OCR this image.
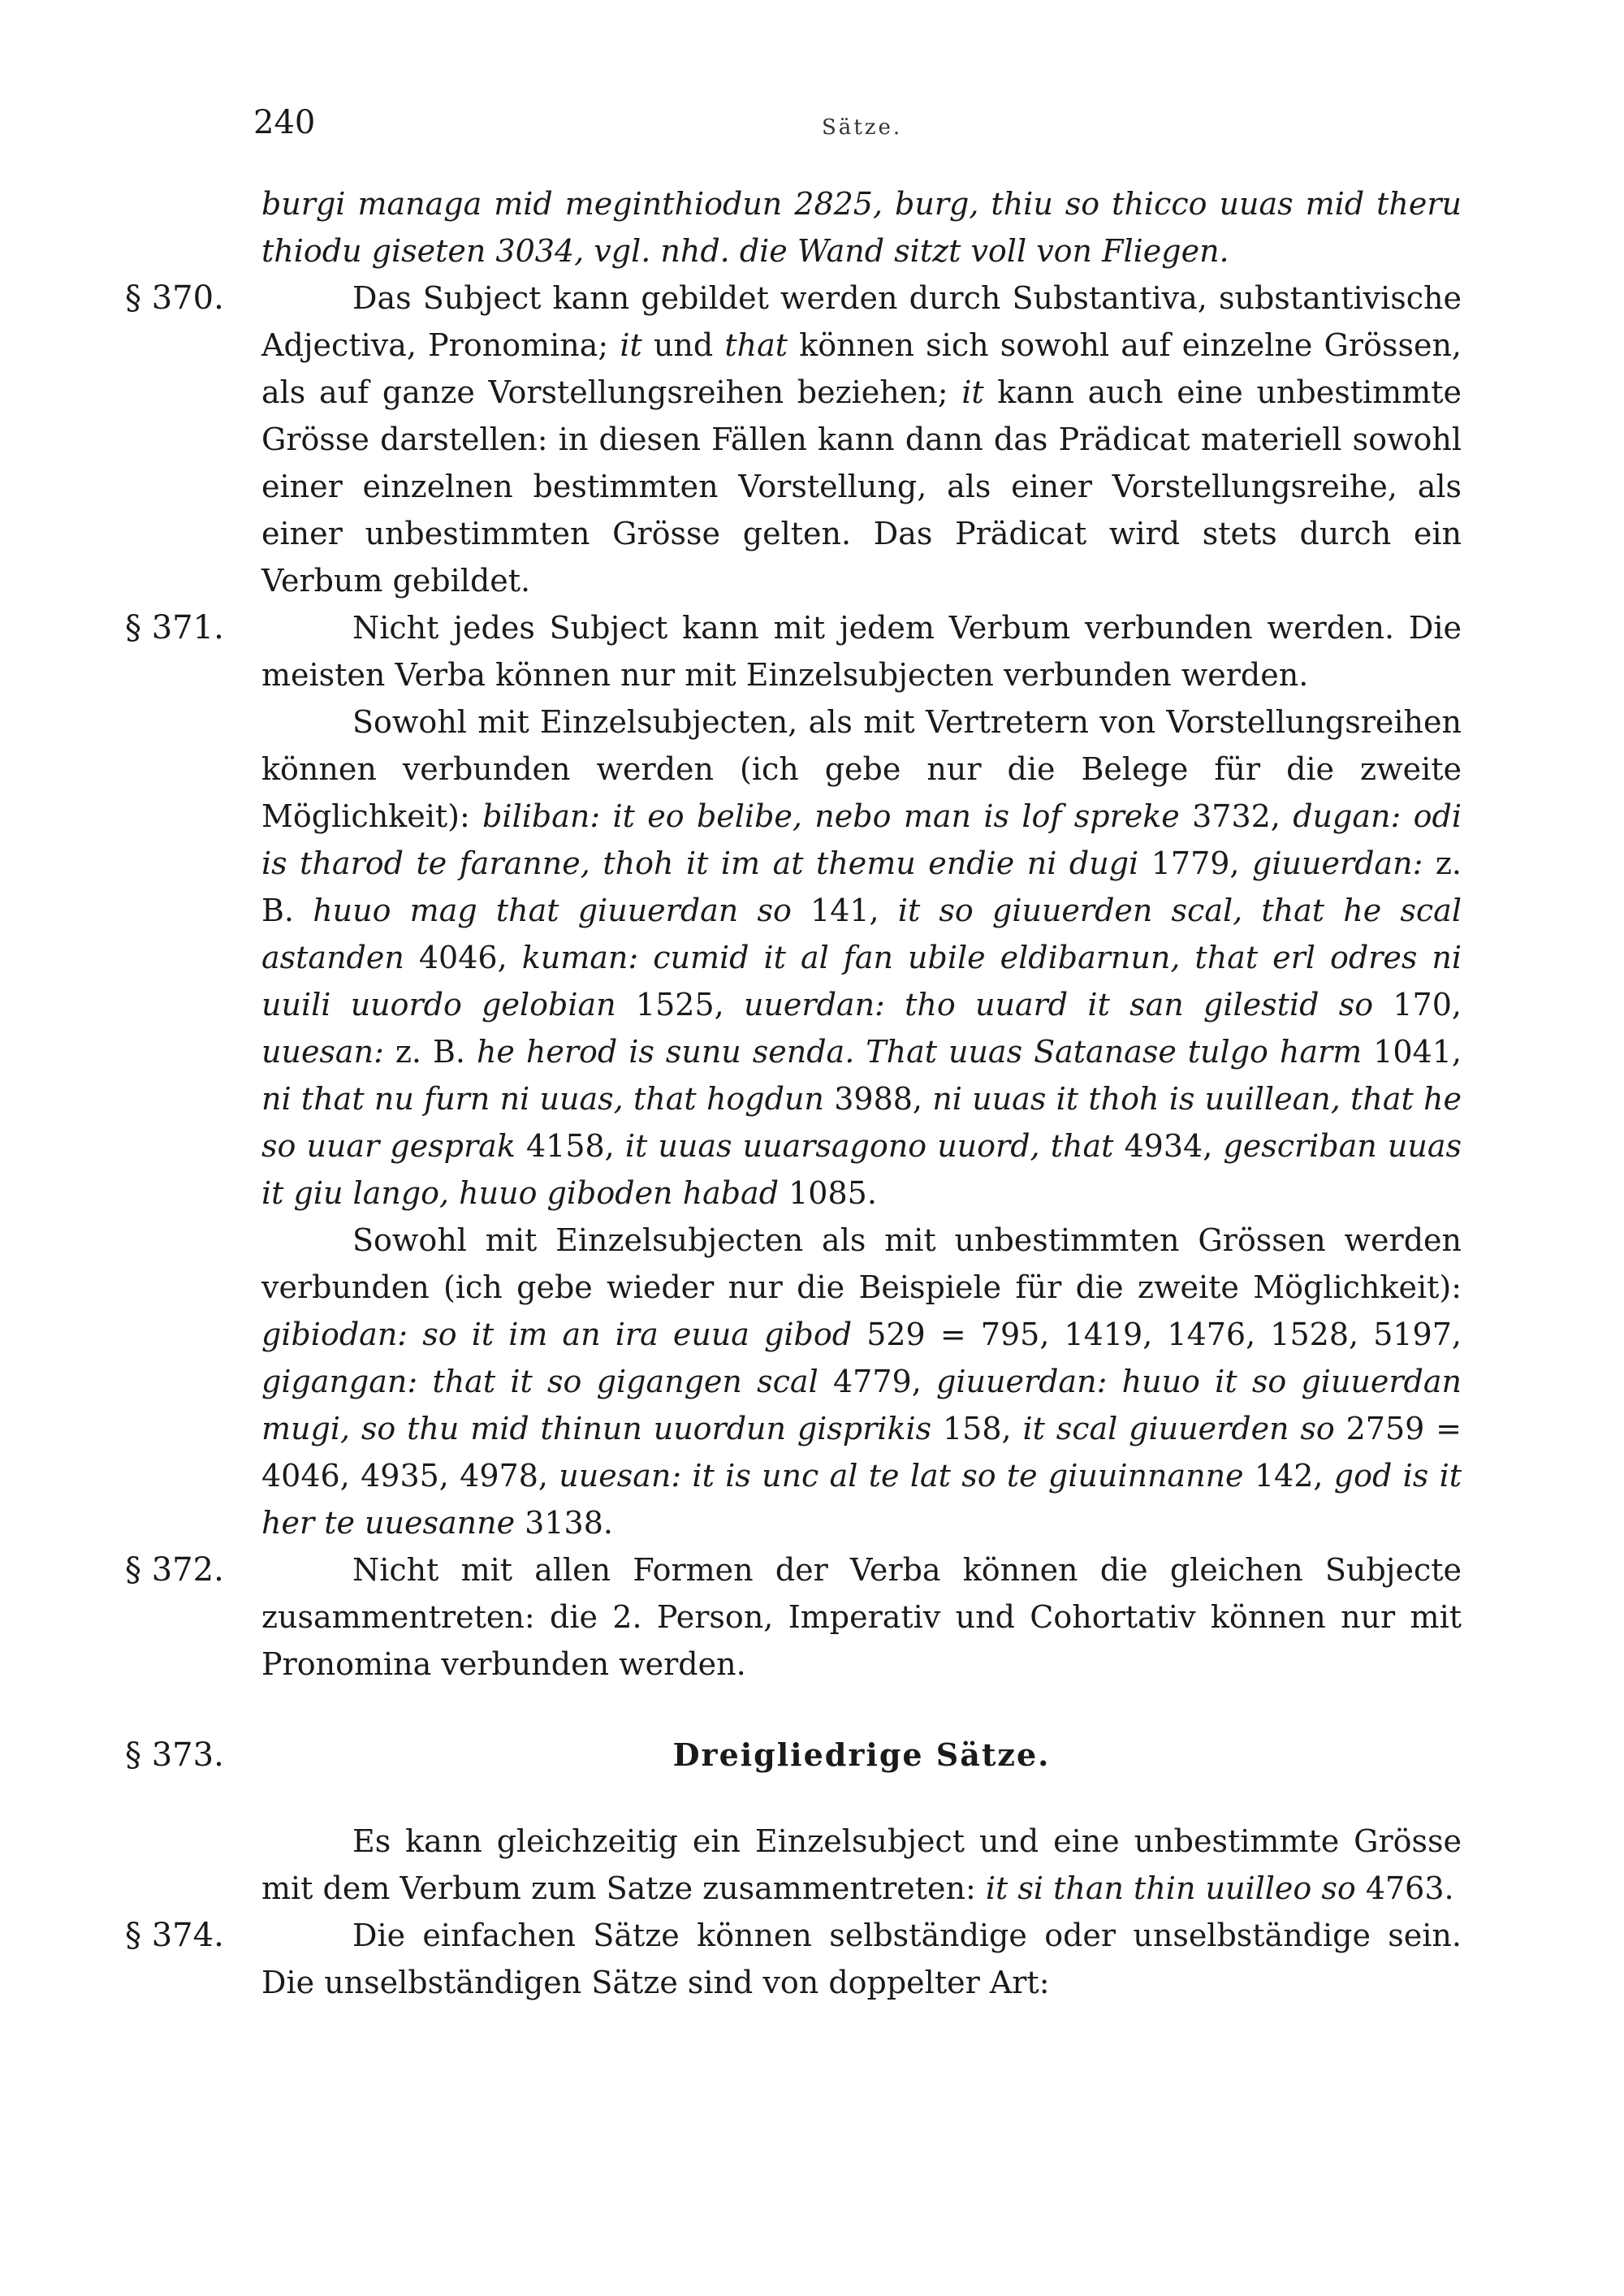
240	Sätze.

burgi managa mid meginthiodun 2825, burg, thiu so thicco uuas mid theru thiodu giseten 3034, vgl. nhd. die Wand sitzt voll von Fliegen.

§ 370.	Das Subject kann gebildet werden durch Substantiva, substantivische Adjectiva, Pronomina; it und that können sich sowohl auf einzelne Grössen, als auf ganze Vorstellungsreihen beziehen; it kann auch eine unbestimmte Grösse darstellen: in diesen Fällen kann dann das Prädicat materiell sowohl einer einzelnen bestimmten Vorstellung, als einer Vorstellungsreihe, als einer unbestimmten Grösse gelten. Das Prädicat wird stets durch ein Verbum gebildet.

§ 371.	Nicht jedes Subject kann mit jedem Verbum verbunden werden. Die meisten Verba können nur mit Einzelsubjecten verbunden werden.

Sowohl mit Einzelsubjecten, als mit Vertretern von Vorstellungsreihen können verbunden werden (ich gebe nur die Belege für die zweite Möglichkeit): biliban: it eo belibe, nebo man is lof spreke 3732, dugan: odi is tharod te faranne, thoh it im at themu endie ni dugi 1779, giuuerdan: z. B. huuo mag that giuuerdan so 141, it so giuuerden scal, that he scal astanden 4046, kuman: cumid it al fan ubile eldibarnun, that erl odres ni uuili uuordo gelobian 1525, uuerdan: tho uuard it san gilestid so 170, uuesan: z. B. he herod is sunu senda. That uuas Satanase tulgo harm 1041, ni that nu furn ni uuas, that hogdun 3988, ni uuas it thoh is uuillean, that he so uuar gesprak 4158, it uuas uuarsagono uuord, that 4934, gescriban uuas it giu lango, huuo giboden habad 1085.

Sowohl mit Einzelsubjecten als mit unbestimmten Grössen werden verbunden (ich gebe wieder nur die Beispiele für die zweite Möglichkeit): gibiodan: so it im an ira euua gibod 529 = 795, 1419, 1476, 1528, 5197, gigangan: that it so gigangen scal 4779, giuuerdan: huuo it so giuuerdan mugi, so thu mid thinun uuordun gisprikis 158, it scal giuuerden so 2759 = 4046, 4935, 4978, uuesan: it is unc al te lat so te giuuinnanne 142, god is it her te uuesanne 3138.

§ 372.	Nicht mit allen Formen der Verba können die gleichen Subjecte zusammentreten: die 2. Person, Imperativ und Cohortativ können nur mit Pronomina verbunden werden.

§ 373.	Dreigliedrige Sätze.

Es kann gleichzeitig ein Einzelsubject und eine unbestimmte Grösse mit dem Verbum zum Satze zusammentreten: it si than thin uuilleo so 4763.

§ 374.	Die einfachen Sätze können selbständige oder unselbständige sein. Die unselbständigen Sätze sind von doppelter Art:
